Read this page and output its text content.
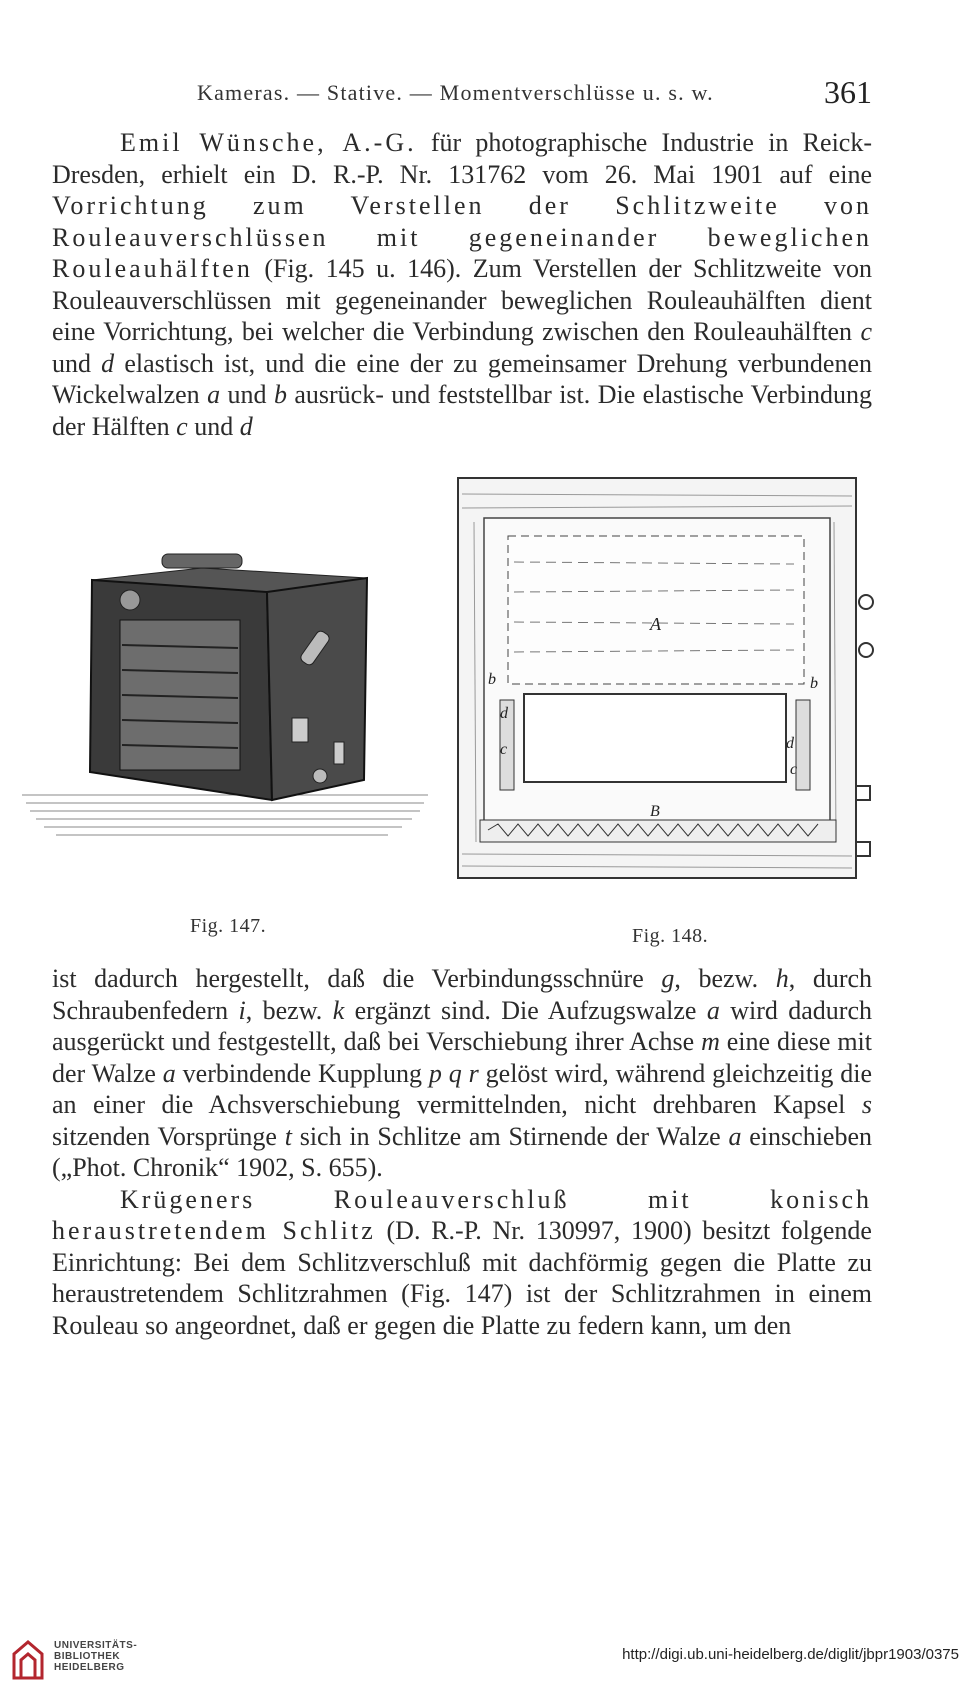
Kameras. — Stative. — Momentverschlüsse u. s. w.	361

Emil Wünsche, A.-G. für photographische Industrie in Reick-Dresden, erhielt ein D. R.-P. Nr. 131762 vom 26. Mai 1901 auf eine Vorrichtung zum Verstellen der Schlitzweite von Rouleauverschlüssen mit gegeneinander beweglichen Rouleauhälften (Fig. 145 u. 146). Zum Verstellen der Schlitzweite von Rouleauverschlüssen mit gegeneinander beweglichen Rouleauhälften dient eine Vorrichtung, bei welcher die Verbindung zwischen den Rouleauhälften c und d elastisch ist, und die eine der zu gemeinsamer Drehung verbundenen Wickelwalzen a und b ausrück- und feststellbar ist. Die elastische Verbindung der Hälften c und d

A
B
b	b
d
d
c
c
Fig. 147.	Fig. 148.

ist dadurch hergestellt, daß die Verbindungsschnüre g, bezw. h, durch Schraubenfedern i, bezw. k ergänzt sind. Die Aufzugswalze a wird dadurch ausgerückt und festgestellt, daß bei Verschiebung ihrer Achse m eine diese mit der Walze a verbindende Kupplung p q r gelöst wird, während gleichzeitig die an einer die Achsverschiebung vermittelnden, nicht drehbaren Kapsel s sitzenden Vorsprünge t sich in Schlitze am Stirnende der Walze a einschieben („Phot. Chronik“ 1902, S. 655).

Krügeners Rouleauverschluß mit konisch heraustretendem Schlitz (D. R.-P. Nr. 130997, 1900) besitzt folgende Einrichtung: Bei dem Schlitzverschluß mit dachförmig gegen die Platte zu heraustretendem Schlitzrahmen (Fig. 147) ist der Schlitzrahmen in einem Rouleau so angeordnet, daß er gegen die Platte zu federn kann, um den

UNIVERSITÄTS-
BIBLIOTHEK
HEIDELBERG
http://digi.ub.uni-heidelberg.de/diglit/jbpr1903/0375
